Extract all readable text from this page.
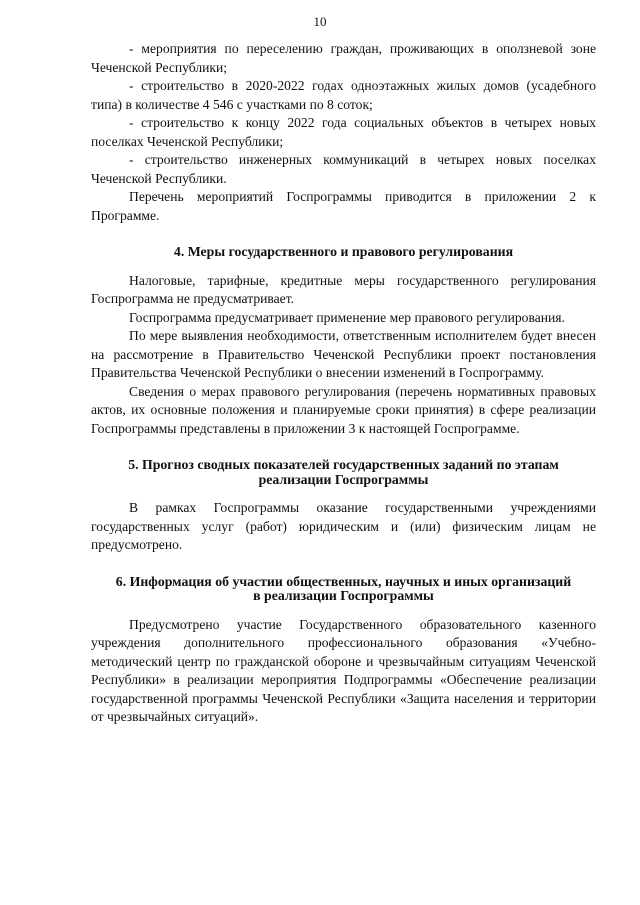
10

- мероприятия по переселению граждан, проживающих в оползневой зоне Чеченской Республики;

- строительство в 2020-2022 годах одноэтажных жилых домов (усадебного типа) в количестве 4 546 с участками по 8 соток;

- строительство к концу 2022 года социальных объектов в четырех новых поселках Чеченской Республики;

- строительство инженерных коммуникаций в четырех новых поселках Чеченской Республики.

Перечень мероприятий Госпрограммы приводится в приложении 2 к Программе.

4. Меры государственного и правового регулирования

Налоговые, тарифные, кредитные меры государственного регулирования Госпрограмма не предусматривает.

Госпрограмма предусматривает применение мер правового регулирования.

По мере выявления необходимости, ответственным исполнителем будет внесен на рассмотрение в Правительство Чеченской Республики проект постановления Правительства Чеченской Республики о внесении изменений в Госпрограмму.

Сведения о мерах правового регулирования (перечень нормативных правовых актов, их основные положения и планируемые сроки принятия) в сфере реализации Госпрограммы представлены в приложении 3 к настоящей Госпрограмме.

5. Прогноз сводных показателей государственных заданий по этапам
реализации Госпрограммы

В рамках Госпрограммы оказание государственными учреждениями государственных услуг (работ) юридическим и (или) физическим лицам не предусмотрено.

6. Информация об участии общественных, научных и иных организаций
в реализации Госпрограммы

Предусмотрено участие Государственного образовательного казенного учреждения дополнительного профессионального образования «Учебно-методический центр по гражданской обороне и чрезвычайным ситуациям Чеченской Республики» в реализации мероприятия Подпрограммы «Обеспечение реализации государственной программы Чеченской Республики «Защита населения и территории от чрезвычайных ситуаций».
